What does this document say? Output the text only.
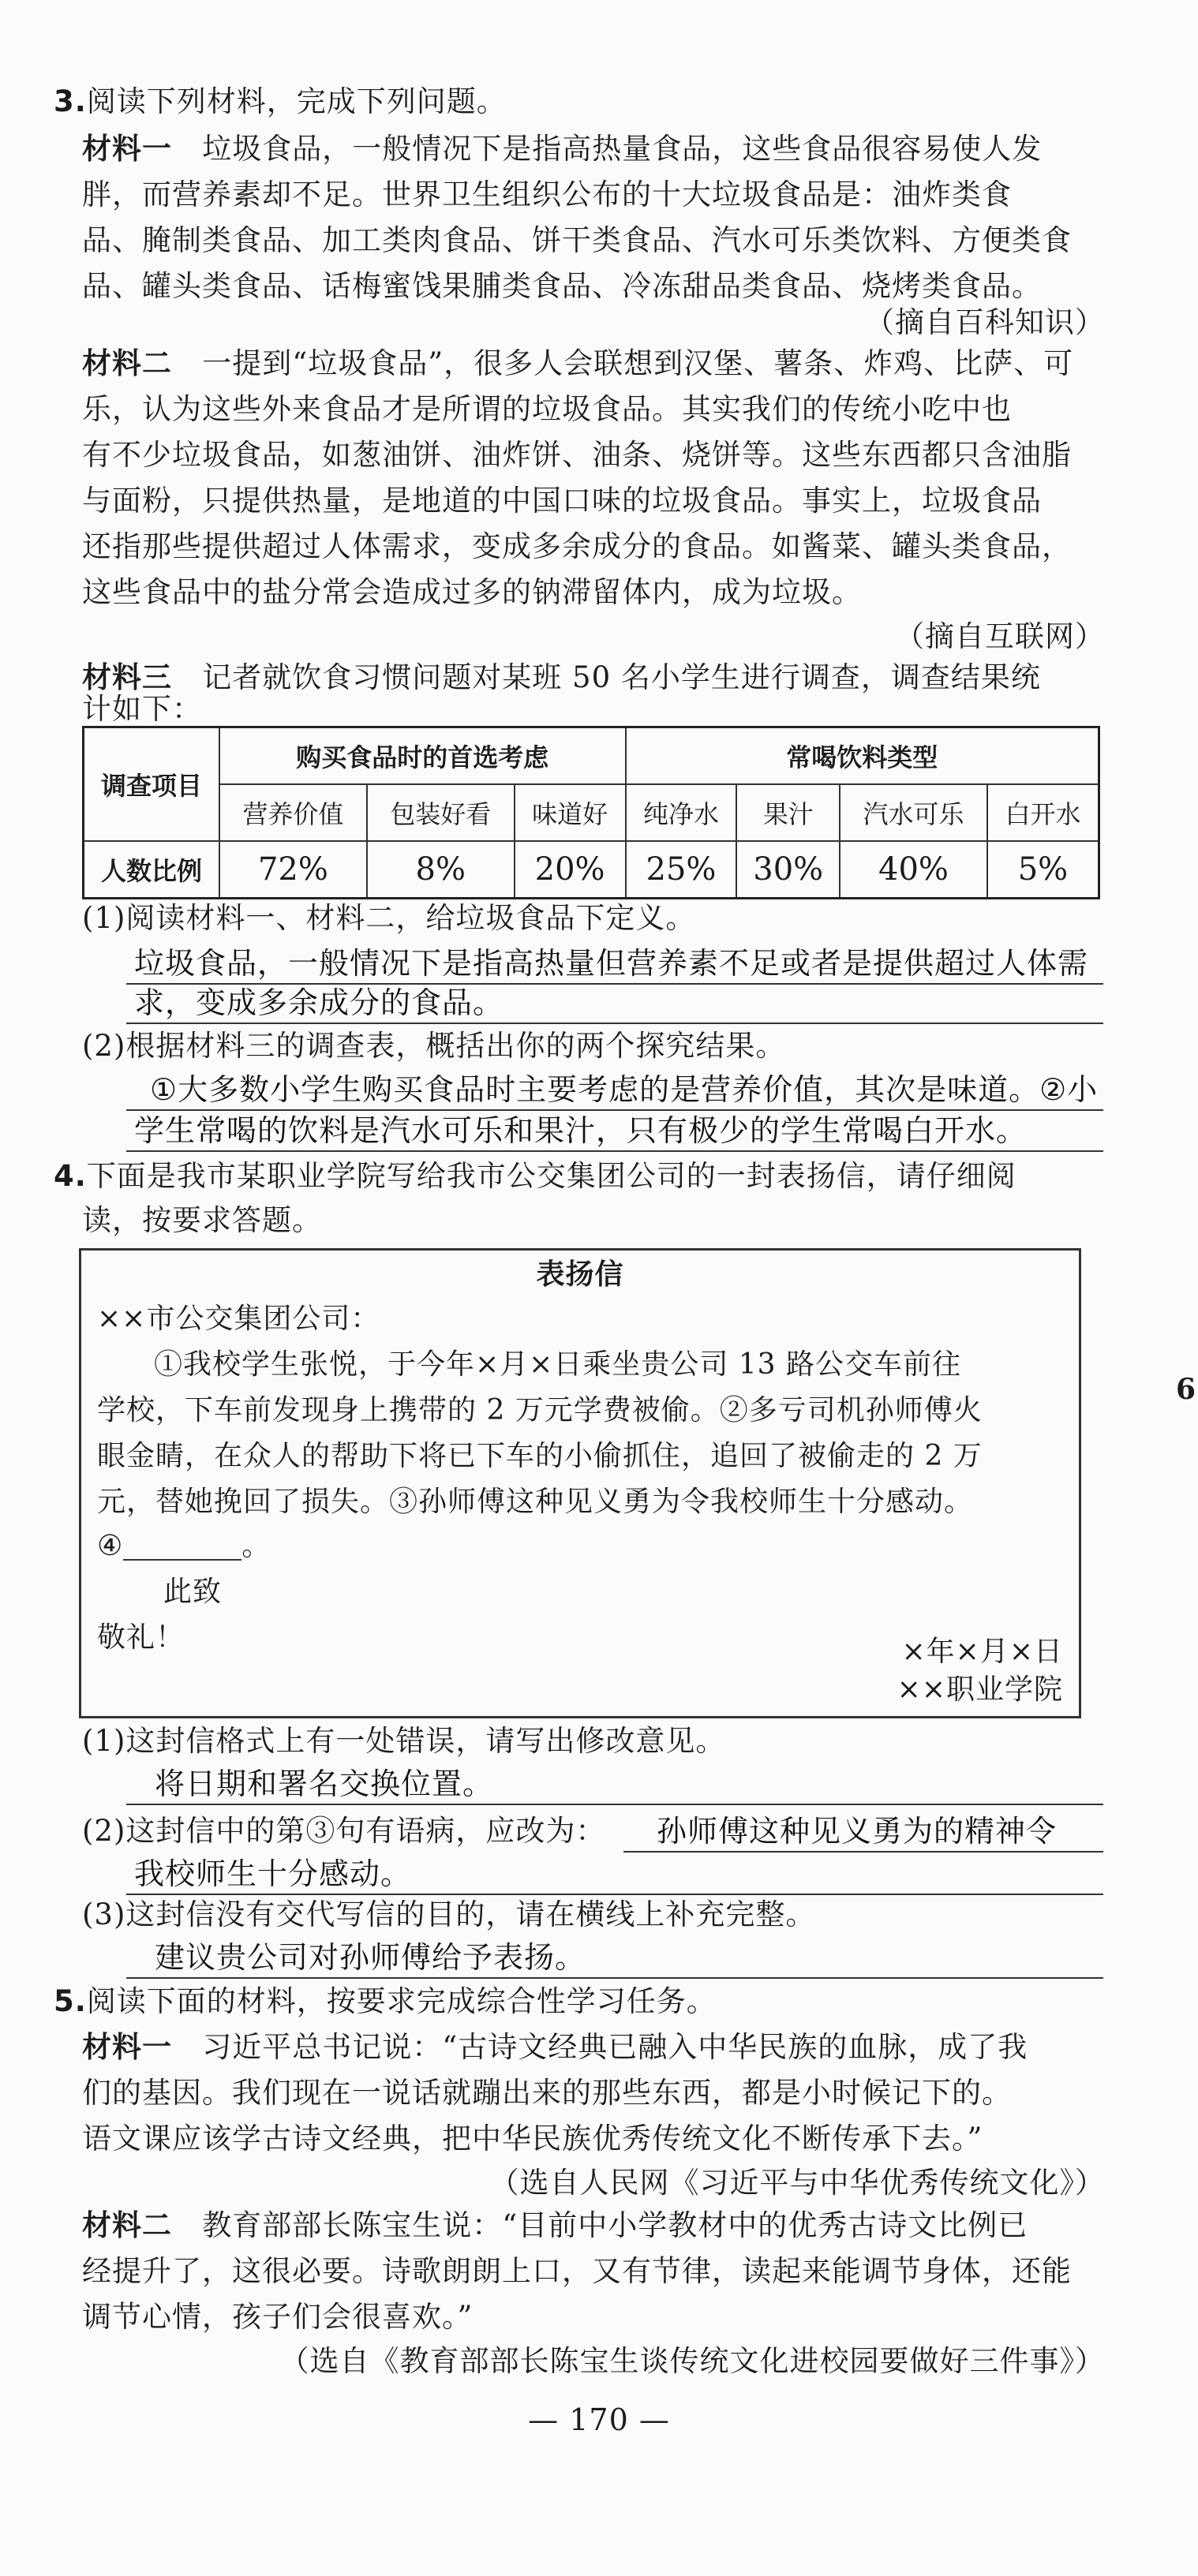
3.阅读下列材料，完成下列问题。
材料一 垃圾食品，一般情况下是指高热量食品，这些食品很容易使人发
胖，而营养素却不足。世界卫生组织公布的十大垃圾食品是：油炸类食
品、腌制类食品、加工类肉食品、饼干类食品、汽水可乐类饮料、方便类食
品、罐头类食品、话梅蜜饯果脯类食品、冷冻甜品类食品、烧烤类食品。
（摘自百科知识）
材料二 一提到“垃圾食品”，很多人会联想到汉堡、薯条、炸鸡、比萨、可
乐，认为这些外来食品才是所谓的垃圾食品。其实我们的传统小吃中也
有不少垃圾食品，如葱油饼、油炸饼、油条、烧饼等。这些东西都只含油脂
与面粉，只提供热量，是地道的中国口味的垃圾食品。事实上，垃圾食品
还指那些提供超过人体需求，变成多余成分的食品。如酱菜、罐头类食品，
这些食品中的盐分常会造成过多的钠滞留体内，成为垃圾。
（摘自互联网）
材料三 记者就饮食习惯问题对某班 50 名小学生进行调查，调查结果统
计如下：
调查项目	购买食品时的首选考虑			常喝饮料类型			
	营养价值	包装好看	味道好	纯净水	果汁	汽水可乐	白开水
人数比例	72%	8%	20%	25%	30%	40%	5%
(1)阅读材料一、材料二，给垃圾食品下定义。
垃圾食品，一般情况下是指高热量但营养素不足或者是提供超过人体需
求，变成多余成分的食品。
(2)根据材料三的调查表，概括出你的两个探究结果。
①大多数小学生购买食品时主要考虑的是营养价值，其次是味道。②小
学生常喝的饮料是汽水可乐和果汁，只有极少的学生常喝白开水。
4.下面是我市某职业学院写给我市公交集团公司的一封表扬信，请仔细阅
读，按要求答题。
表扬信
××市公交集团公司：
①我校学生张悦，于今年×月×日乘坐贵公司 13 路公交车前往
学校，下车前发现身上携带的 2 万元学费被偷。②多亏司机孙师傅火
眼金睛，在众人的帮助下将已下车的小偷抓住，追回了被偷走的 2 万
元，替她挽回了损失。③孙师傅这种见义勇为令我校师生十分感动。
④	。
此致
敬礼！	×年×月×日
××职业学院
(1)这封信格式上有一处错误，请写出修改意见。
将日期和署名交换位置。
(2)这封信中的第③句有语病，应改为： 孙师傅这种见义勇为的精神令
我校师生十分感动。
(3)这封信没有交代写信的目的，请在横线上补充完整。
建议贵公司对孙师傅给予表扬。
5.阅读下面的材料，按要求完成综合性学习任务。
材料一 习近平总书记说：“古诗文经典已融入中华民族的血脉，成了我
们的基因。我们现在一说话就蹦出来的那些东西，都是小时候记下的。
语文课应该学古诗文经典，把中华民族优秀传统文化不断传承下去。”
（选自人民网《习近平与中华优秀传统文化》）
材料二 教育部部长陈宝生说：“目前中小学教材中的优秀古诗文比例已
经提升了，这很必要。诗歌朗朗上口，又有节律，读起来能调节身体，还能
调节心情，孩子们会很喜欢。”
（选自《教育部部长陈宝生谈传统文化进校园要做好三件事》）
— 170 —
6
